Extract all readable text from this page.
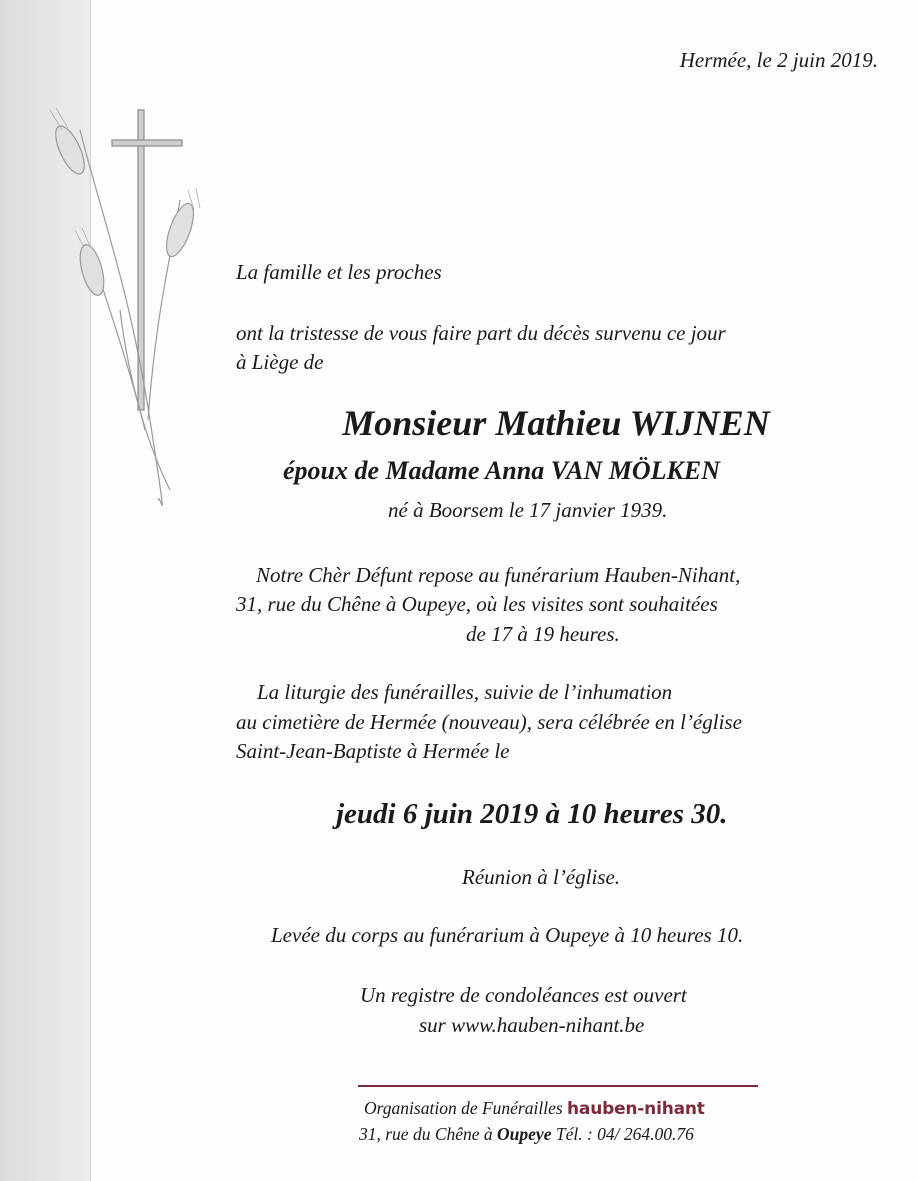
Hermée, le 2 juin 2019.
La famille et les proches
ont la tristesse de vous faire part du décès survenu ce jour
à Liège de
Monsieur Mathieu WIJNEN
époux de Madame Anna VAN MÖLKEN
né à Boorsem le 17 janvier 1939.
Notre Chèr Défunt repose au funérarium Hauben-Nihant,
31, rue du Chêne à Oupeye, où les visites sont souhaitées
de 17 à 19 heures.
La liturgie des funérailles, suivie de l’inhumation
au cimetière de Hermée (nouveau), sera célébrée en l’église
Saint-Jean-Baptiste à Hermée le
jeudi 6 juin 2019 à 10 heures 30.
Réunion à l’église.
Levée du corps au funérarium à Oupeye à 10 heures 10.
Un registre de condoléances est ouvert
sur www.hauben-nihant.be
Organisation de Funérailles hauben-nihant
31, rue du Chêne à Oupeye Tél. : 04/ 264.00.76
